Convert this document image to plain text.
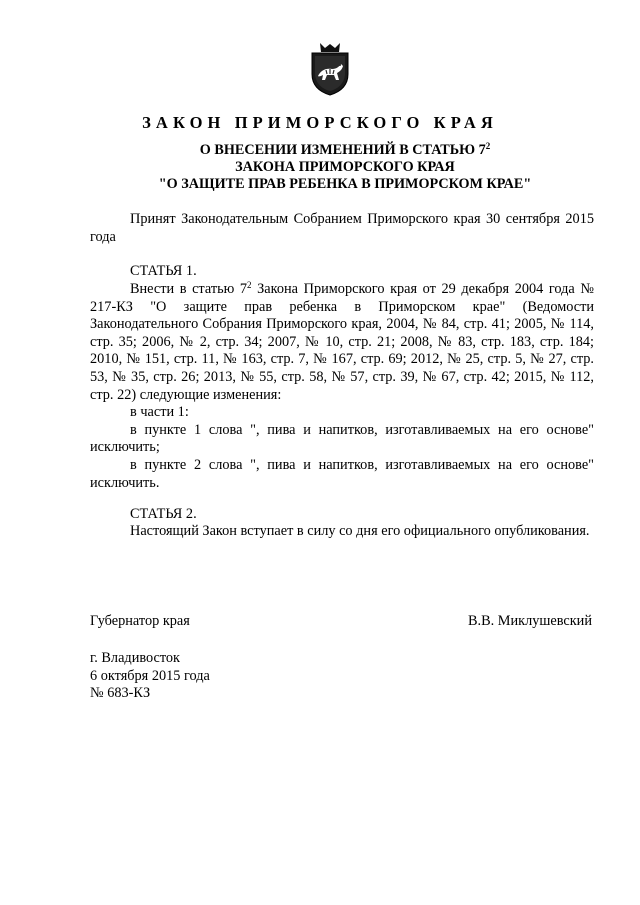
ЗАКОН ПРИМОРСКОГО КРАЯ
О ВНЕСЕНИИ ИЗМЕНЕНИЙ В СТАТЬЮ $7^2$
ЗАКОНА ПРИМОРСКОГО КРАЯ
"О ЗАЩИТЕ ПРАВ РЕБЕНКА В ПРИМОРСКОМ КРАЕ"
Принят Законодательным Собранием Приморского края 30 сентября 2015 года
СТАТЬЯ 1.
Внести в статью $7^2$ Закона Приморского края от 29 декабря 2004 года № 217-КЗ "О защите прав ребенка в Приморском крае" (Ведомости Законодательного Собрания Приморского края, 2004, № 84, стр. 41; 2005, № 114, стр. 35; 2006, № 2, стр. 34; 2007, № 10, стр. 21; 2008, № 83, стр. 183, стр. 184; 2010, № 151, стр. 11, № 163, стр. 7, № 167, стр. 69; 2012, № 25, стр. 5, № 27, стр. 53, № 35, стр. 26; 2013, № 55, стр. 58, № 57, стр. 39, № 67, стр. 42; 2015, № 112, стр. 22) следующие изменения:
в части 1:
в пункте 1 слова ", пива и напитков, изготавливаемых на его основе" исключить;
в пункте 2 слова ", пива и напитков, изготавливаемых на его основе" исключить.
СТАТЬЯ 2.
Настоящий Закон вступает в силу со дня его официального опубликования.
Губернатор края	В.В. Миклушевский
г. Владивосток
6 октября 2015 года
№ 683-КЗ
